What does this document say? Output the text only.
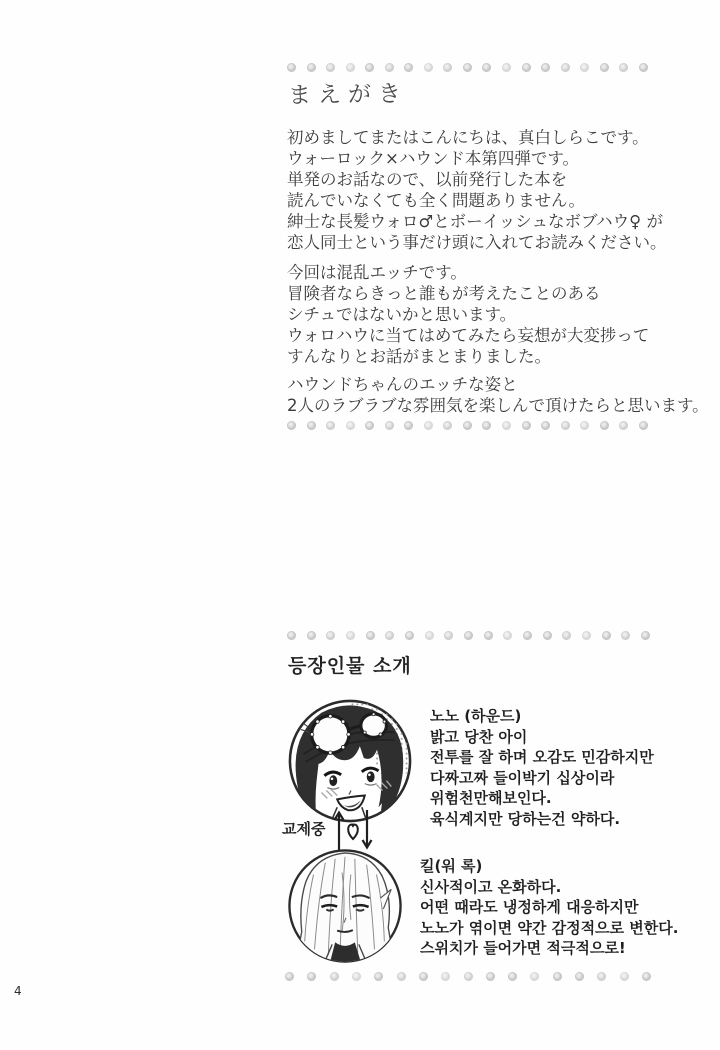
まえがき
初めましてまたはこんにちは、真白しらこです。
ウォーロック×ハウンド本第四弾です。
単発のお話なので、以前発行した本を
読んでいなくても全く問題ありません。
紳士な長髪ウォロ♂とボーイッシュなボブハウ♀ が
恋人同士という事だけ頭に入れてお読みください。
今回は混乱エッチです。
冒険者ならきっと誰もが考えたことのある
シチュではないかと思います。
ウォロハウに当てはめてみたら妄想が大変捗って
すんなりとお話がまとまりました。
ハウンドちゃんのエッチな姿と
2人のラブラブな雰囲気を楽しんで頂けたらと思います。
등장인물 소개
노노 (하운드)
밝고 당찬 아이
전투를 잘 하며 오감도 민감하지만
다짜고짜 들이박기 십상이라
위험천만해보인다.
육식계지만 당하는건 약하다.
교제중
킬(워 록)
신사적이고 온화하다.
어떤 때라도 냉정하게 대응하지만
노노가 엮이면 약간 감정적으로 변한다.
스위치가 들어가면 적극적으로!
4
